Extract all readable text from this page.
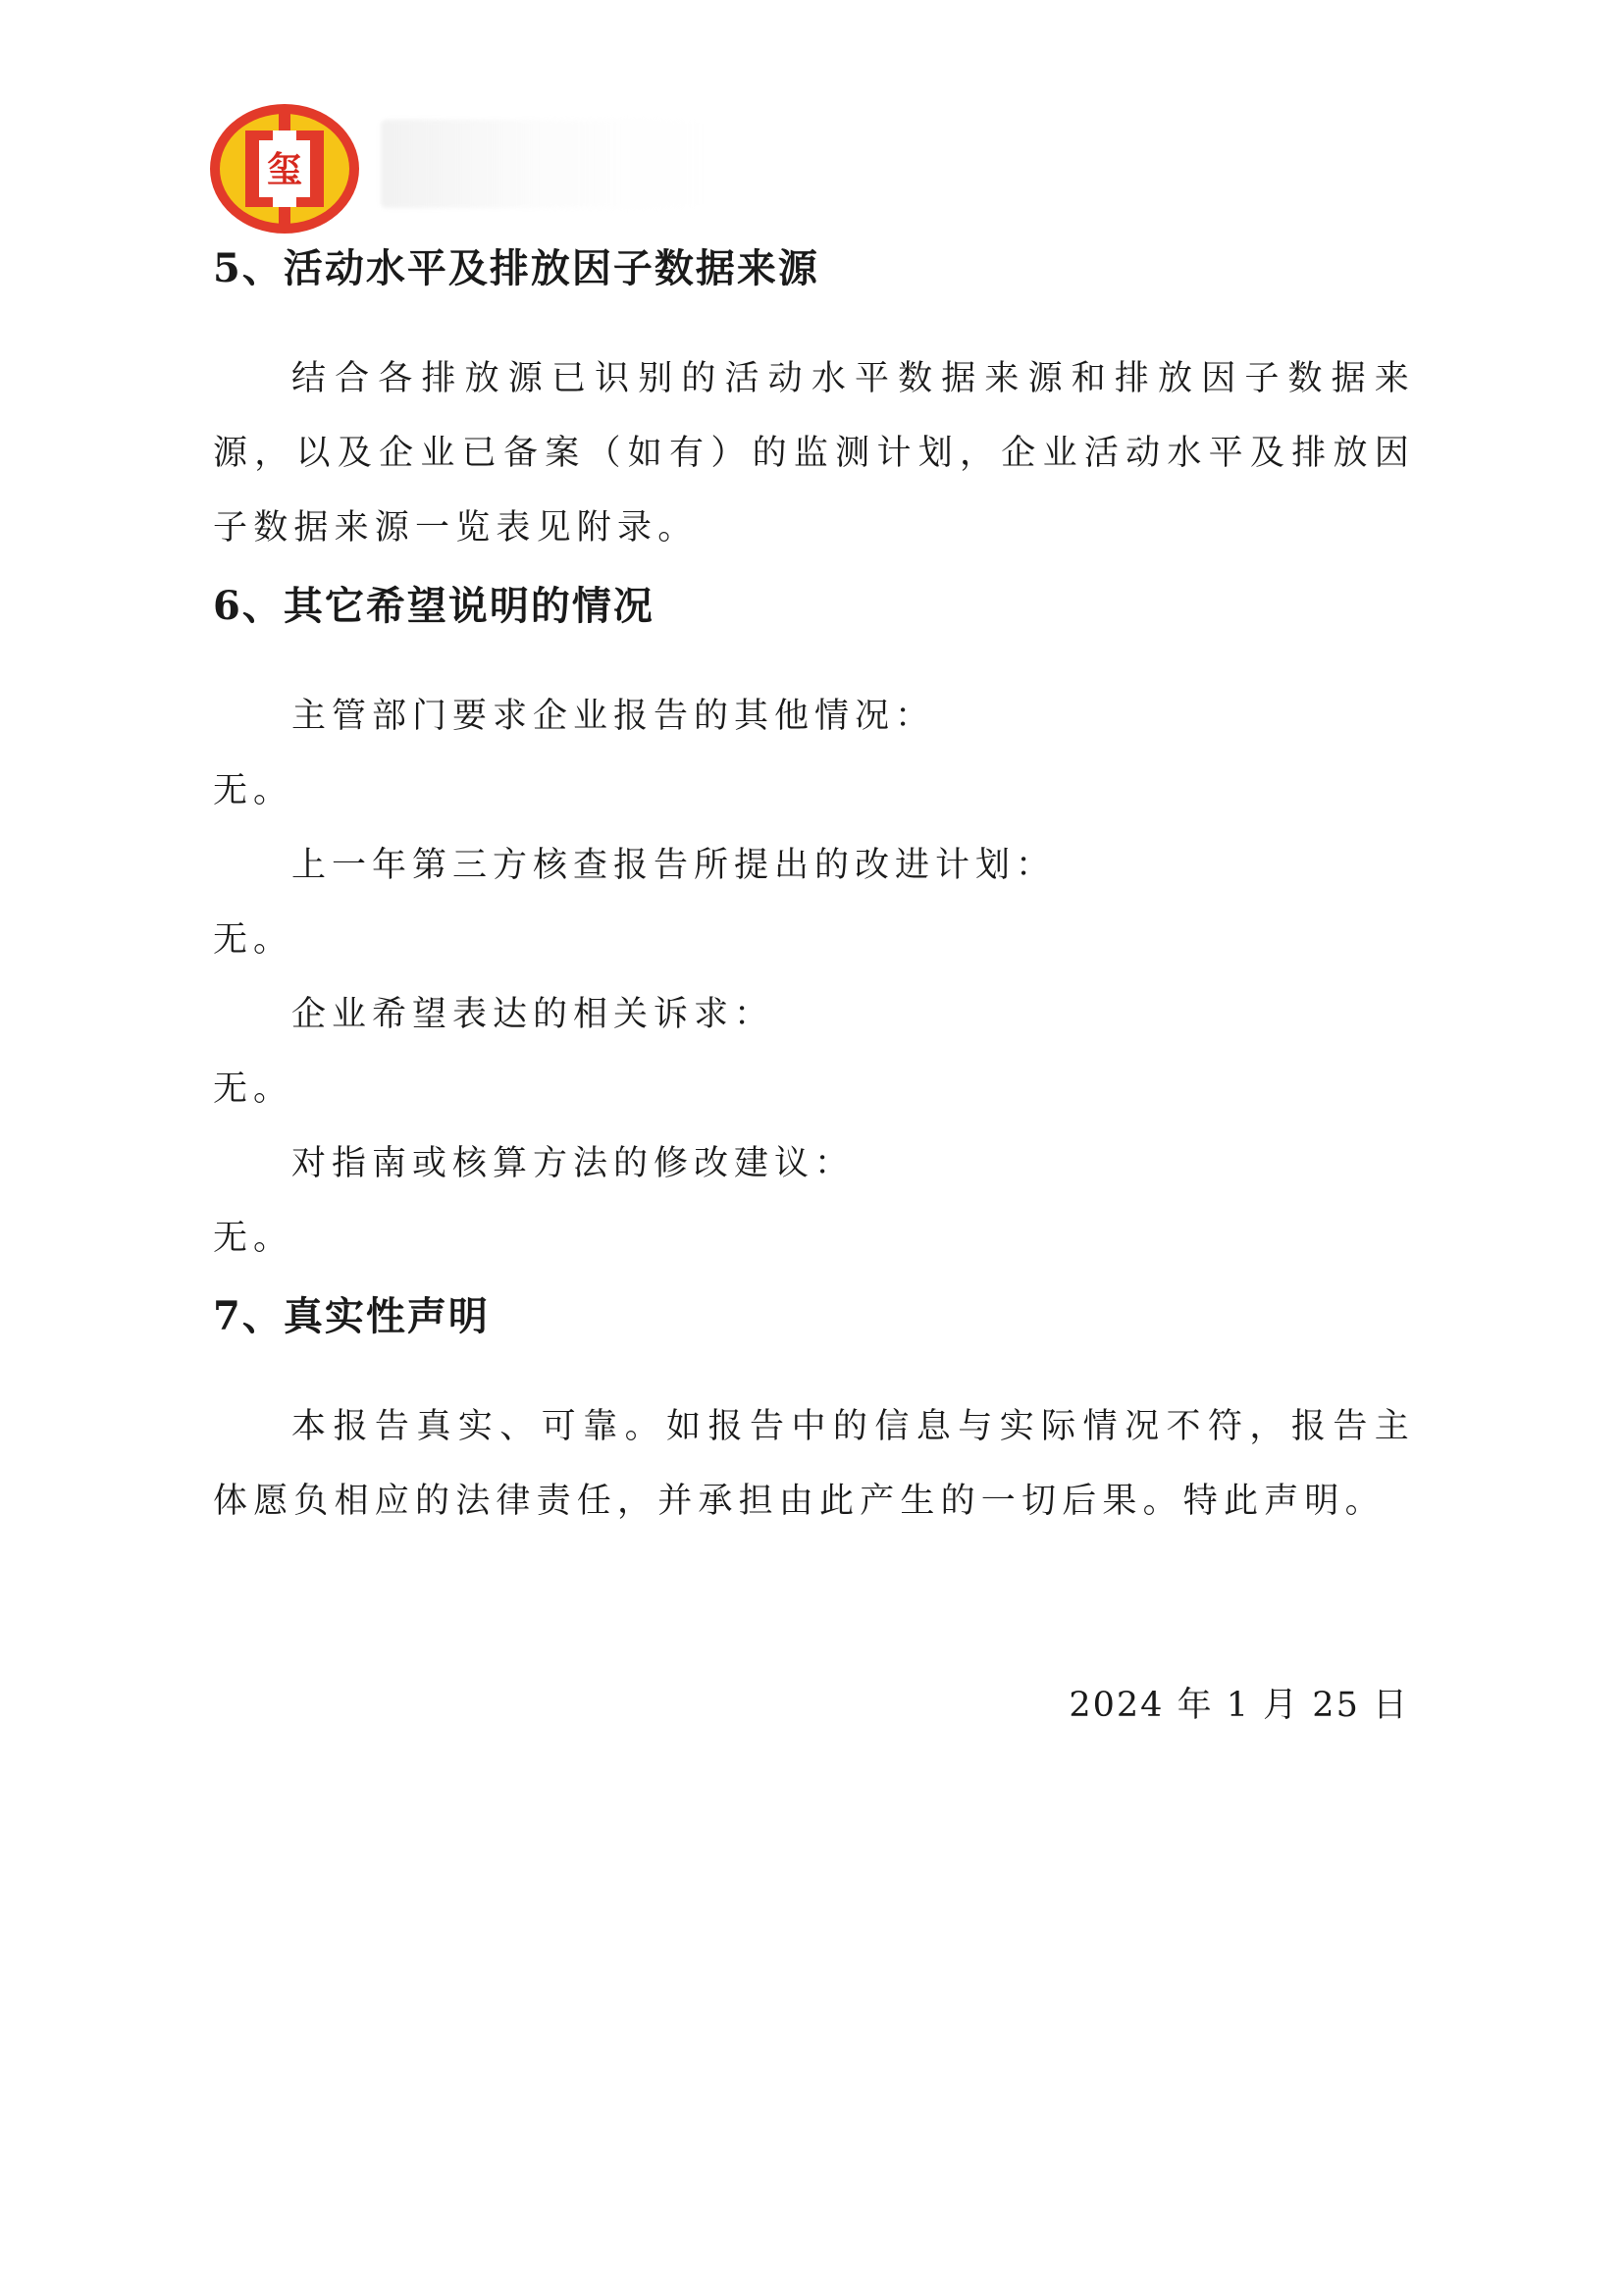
玺
5、活动水平及排放因子数据来源

结合各排放源已识别的活动水平数据来源和排放因子数据来源，以及企业已备案（如有）的监测计划，企业活动水平及排放因子数据来源一览表见附录。

6、其它希望说明的情况

主管部门要求企业报告的其他情况：

无。

上一年第三方核查报告所提出的改进计划：

无。

企业希望表达的相关诉求：

无。

对指南或核算方法的修改建议：

无。

7、真实性声明

本报告真实、可靠。如报告中的信息与实际情况不符，报告主体愿负相应的法律责任，并承担由此产生的一切后果。特此声明。

2024 年 1 月 25 日
